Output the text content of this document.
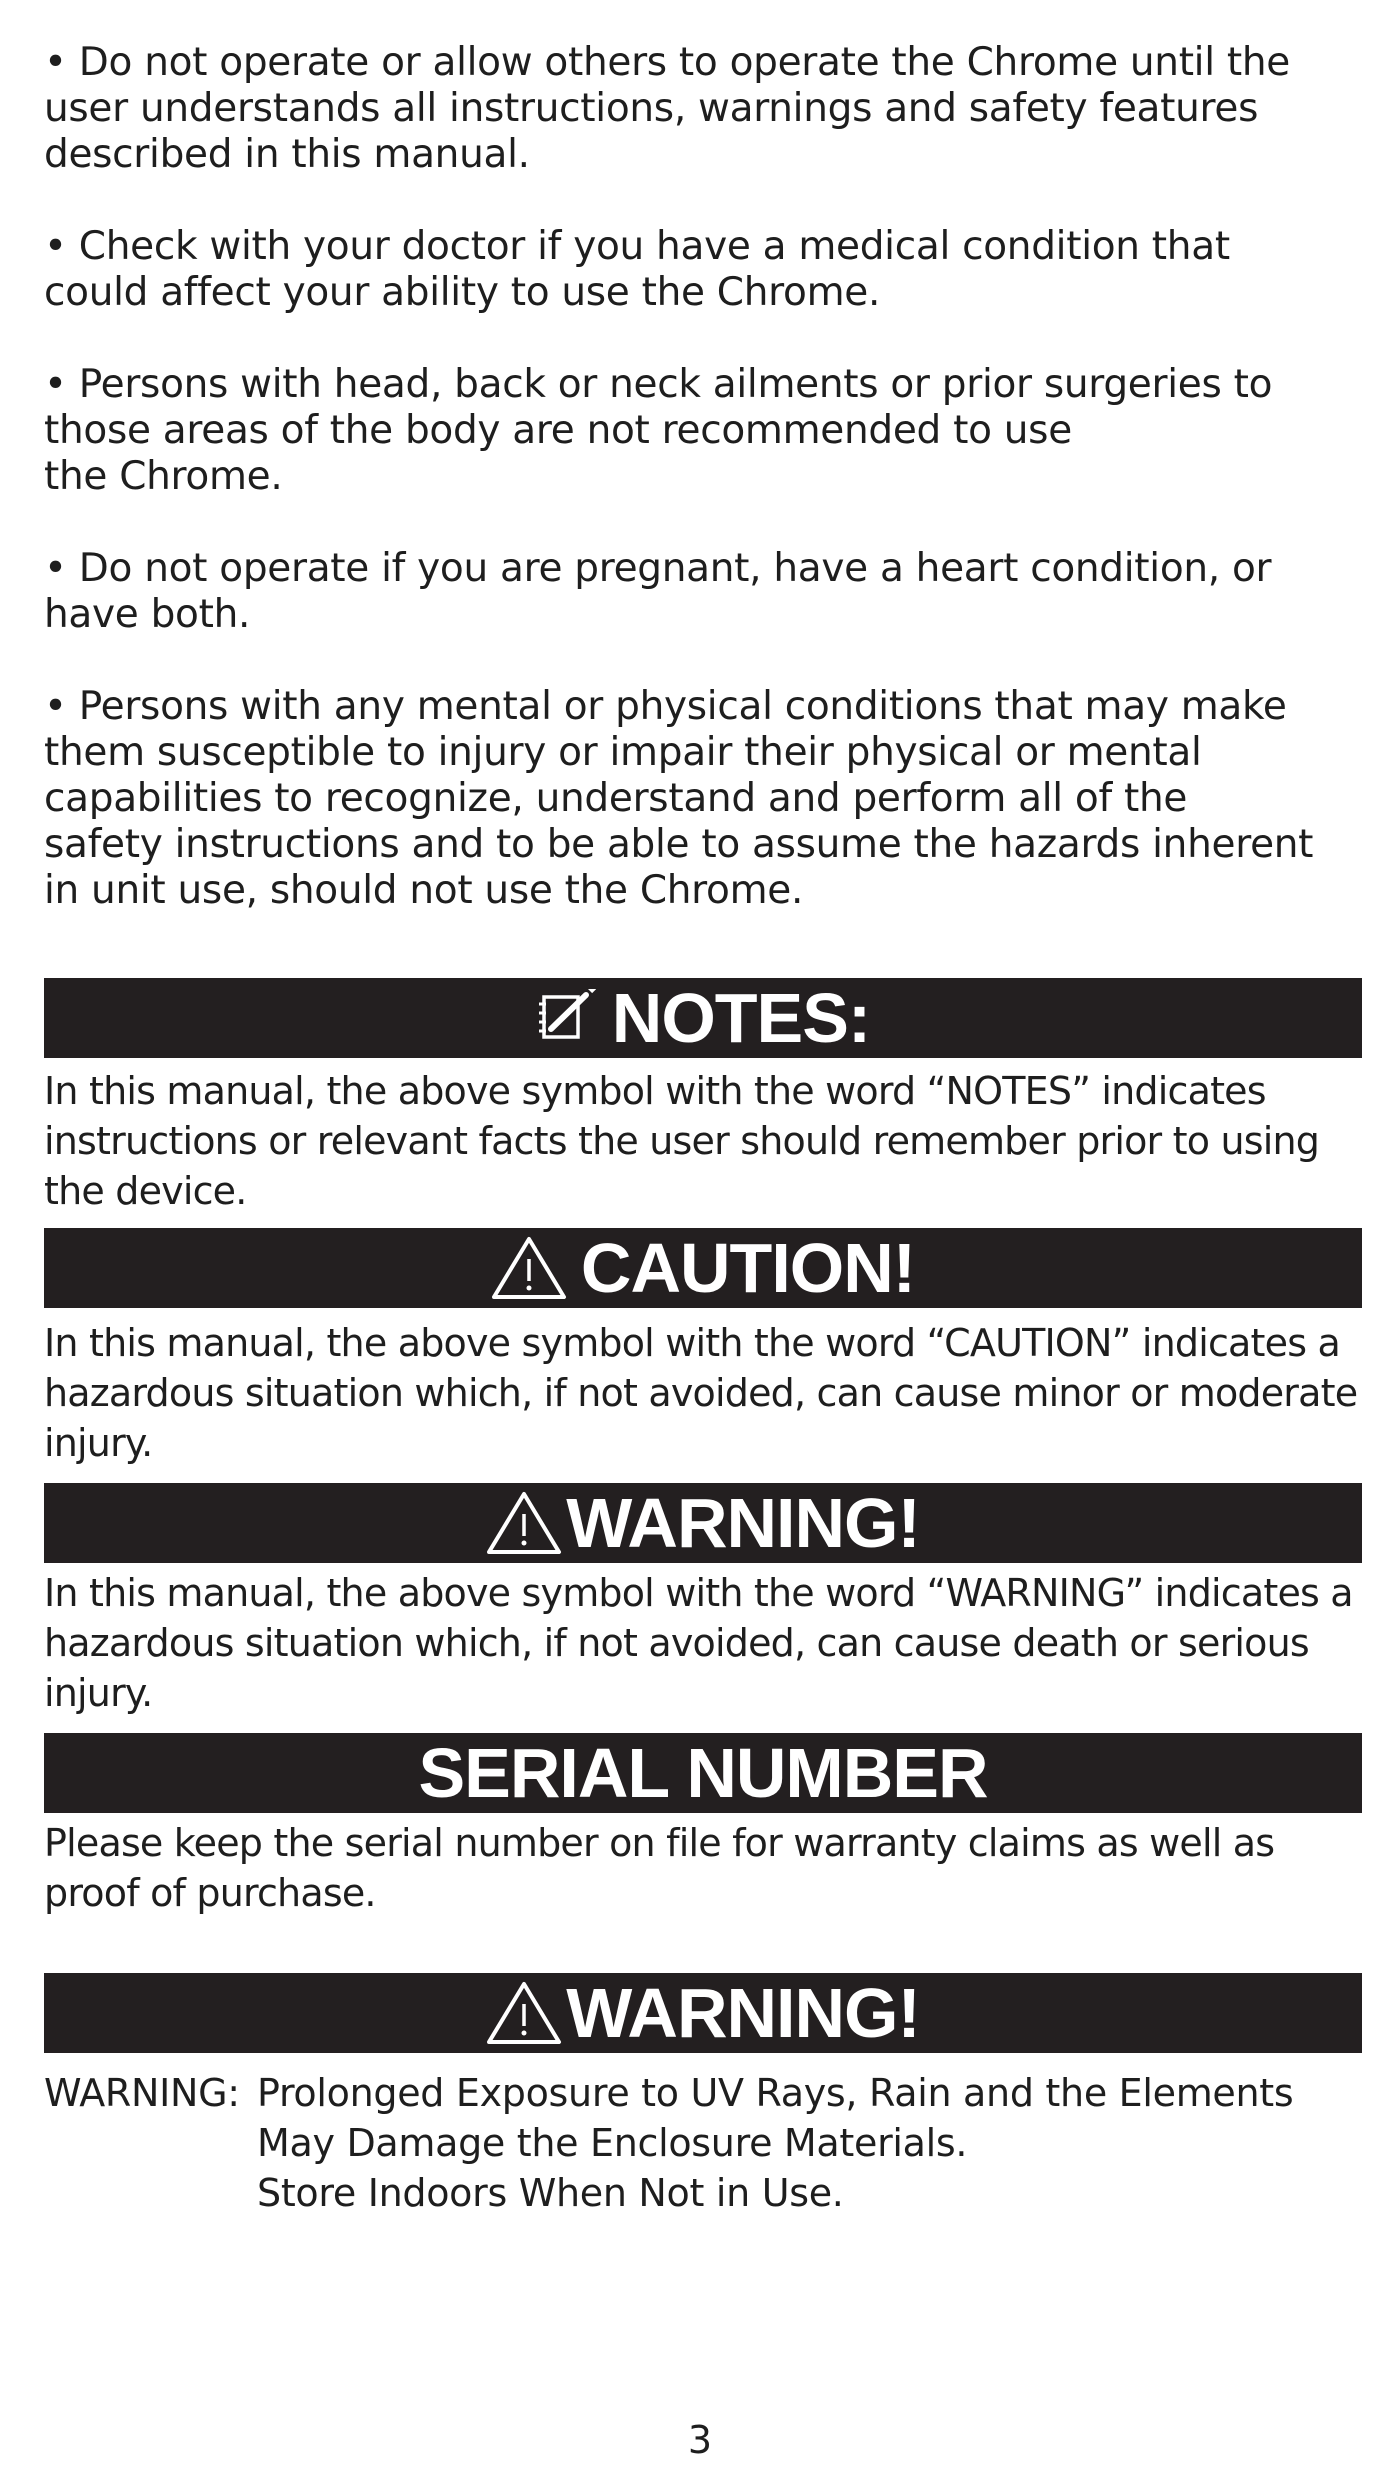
• Do not operate or allow others to operate the Chrome until the
user understands all instructions, warnings and safety features
described in this manual.

• Check with your doctor if you have a medical condition that
could affect your ability to use the Chrome.

• Persons with head, back or neck ailments or prior surgeries to
those areas of the body are not recommended to use
the Chrome.

• Do not operate if you are pregnant, have a heart condition, or
have both.

• Persons with any mental or physical conditions that may make
them susceptible to injury or impair their physical or mental
capabilities to recognize, understand and perform all of the
safety instructions and to be able to assume the hazards inherent
in unit use, should not use the Chrome.

NOTES:
In this manual, the above symbol with the word “NOTES” indicates instructions or relevant facts the user should remember prior to using the device.
CAUTION!
In this manual, the above symbol with the word “CAUTION” indicates a hazardous situation which, if not avoided, can cause minor or moderate injury.
WARNING!
In this manual, the above symbol with the word “WARNING” indicates a hazardous situation which, if not avoided, can cause death or serious injury.
SERIAL NUMBER
Please keep the serial number on file for warranty claims as well as proof of purchase.
WARNING!
WARNING: Prolonged Exposure to UV Rays, Rain and the Elements
May Damage the Enclosure Materials.
Store Indoors When Not in Use.
3
